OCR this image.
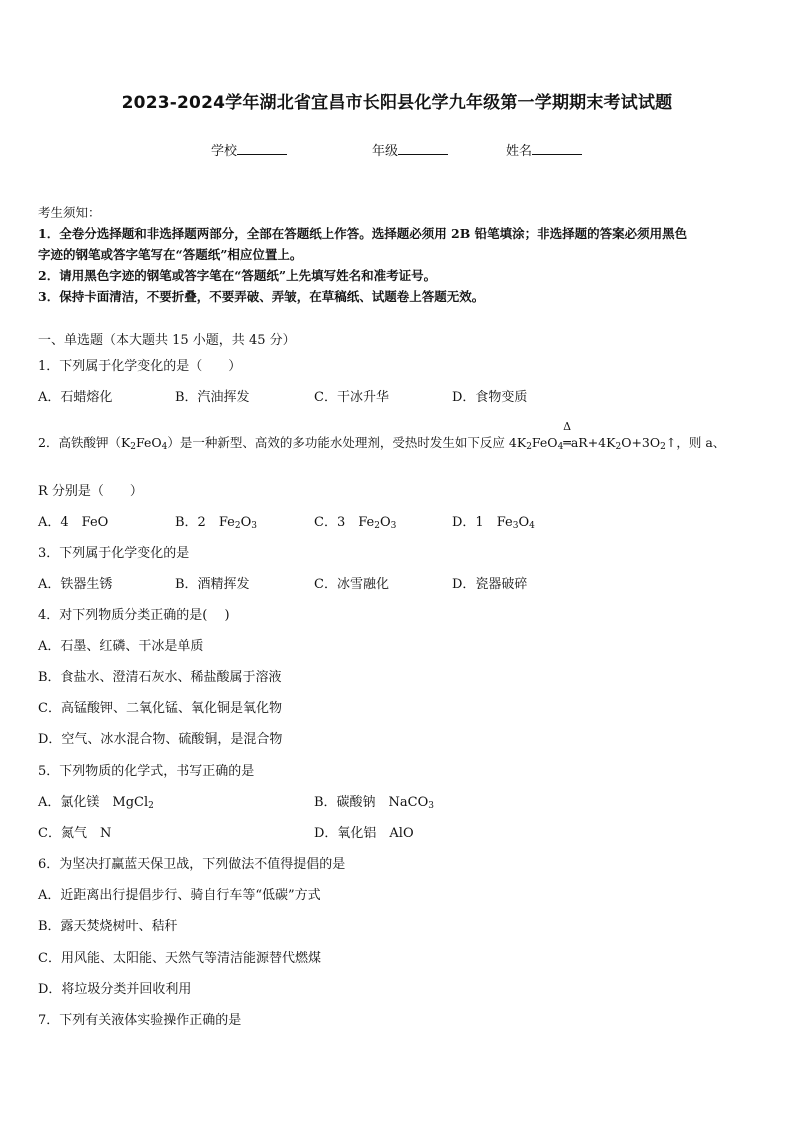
2023-2024学年湖北省宜昌市长阳县化学九年级第一学期期末考试试题
学校	年级	姓名
考生须知：
1．全卷分选择题和非选择题两部分，全部在答题纸上作答。选择题必须用 2B 铅笔填涂；非选择题的答案必须用黑色
字迹的钢笔或答字笔写在“答题纸”相应位置上。
2．请用黑色字迹的钢笔或答字笔在“答题纸”上先填写姓名和准考证号。
3．保持卡面清洁，不要折叠，不要弄破、弄皱，在草稿纸、试题卷上答题无效。
一、单选题（本大题共 15 小题，共 45 分）
1．下列属于化学变化的是（　　）
A．石蜡熔化	B．汽油挥发	C．干冰升华	D．食物变质
2．高铁酸钾$(K_2FeO_4)$是一种新型、高效的多功能水处理剂，受热时发生如下反应 $4K_2FeO_4$
Δ
$═aR+4K_2O+3O_2↑$，则 a、
R 分别是（　　）
A．4　FeO	B．2　$Fe_2O_3$	C．3　$Fe_2O_3$	D．1　$Fe_3O_4$
3．下列属于化学变化的是
A．铁器生锈	B．酒精挥发	C．冰雪融化	D．瓷器破碎
4．对下列物质分类正确的是(　 )
A．石墨、红磷、干冰是单质
B．食盐水、澄清石灰水、稀盐酸属于溶液
C．高锰酸钾、二氧化锰、氧化铜是氧化物
D．空气、冰水混合物、硫酸铜，是混合物
5．下列物质的化学式，书写正确的是
A．氯化镁　MgCl$_2$	B．碳酸钠　NaCO$_3$
C．氮气　N	D．氧化铝　AlO
6．为坚决打赢蓝天保卫战，下列做法不值得提倡的是
A．近距离出行提倡步行、骑自行车等“低碳”方式
B．露天焚烧树叶、秸秆
C．用风能、太阳能、天然气等清洁能源替代燃煤
D．将垃圾分类并回收利用
7．下列有关液体实验操作正确的是
